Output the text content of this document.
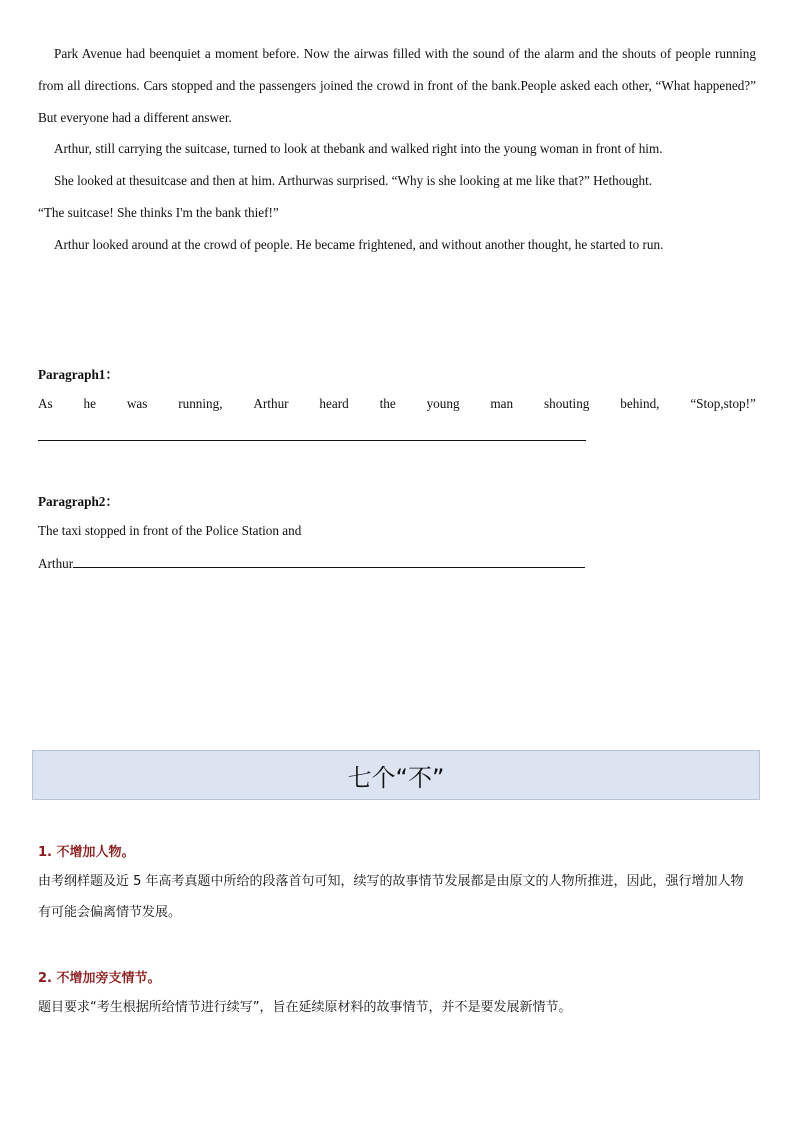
Park Avenue had beenquiet a moment before. Now the airwas filled with the sound of the alarm and the shouts of people running from all directions. Cars stopped and the passengers joined the crowd in front of the bank.People asked each other, “What happened?” But everyone had a different answer.

Arthur, still carrying the suitcase, turned to look at thebank and walked right into the young woman in front of him.

She looked at thesuitcase and then at him. Arthurwas surprised. “Why is she looking at me like that?” Hethought. “The suitcase! She thinks I'm the bank thief!”

Arthur looked around at the crowd of people. He became frightened, and without another thought, he started to run.

Paragraph1：
As he was running, Arthur heard the young man shouting behind, “Stop,stop!”
Paragraph2：
The taxi stopped in front of the Police Station and
Arthur
1. 不增加人物。

由考纲样题及近 5 年高考真题中所给的段落首句可知，续写的故事情节发展都是由原文的人物所推进，因此，强行增加人物有可能会偏离情节发展。

2. 不增加旁支情节。

题目要求“考生根据所给情节进行续写”，旨在延续原材料的故事情节，并不是要发展新情节。

七个“不”
